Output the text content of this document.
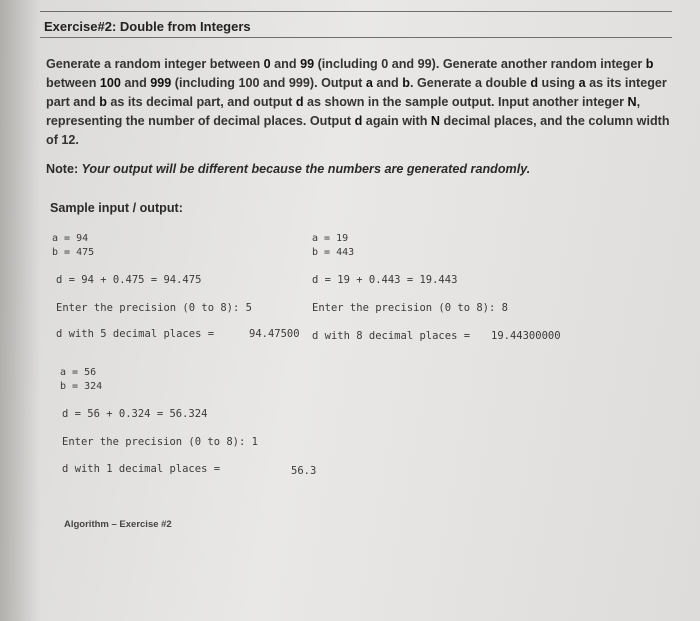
Exercise#2: Double from Integers
Generate a random integer between 0 and 99 (including 0 and 99). Generate another random integer b between 100 and 999 (including 100 and 999). Output a and b. Generate a double d using a as its integer part and b as its decimal part, and output d as shown in the sample output. Input another integer N, representing the number of decimal places. Output d again with N decimal places, and the column width of 12.
Note: Your output will be different because the numbers are generated randomly.
Sample input / output:
a = 94
b = 475
d = 94 + 0.475 = 94.475
Enter the precision (0 to 8): 5
d with 5 decimal places =	94.47500
a = 19
b = 443
d = 19 + 0.443 = 19.443
Enter the precision (0 to 8): 8
d with 8 decimal places = 19.44300000
a = 56
b = 324
d = 56 + 0.324 = 56.324
Enter the precision (0 to 8): 1
d with 1 decimal places =	56.3
Algorithm – Exercise #2
